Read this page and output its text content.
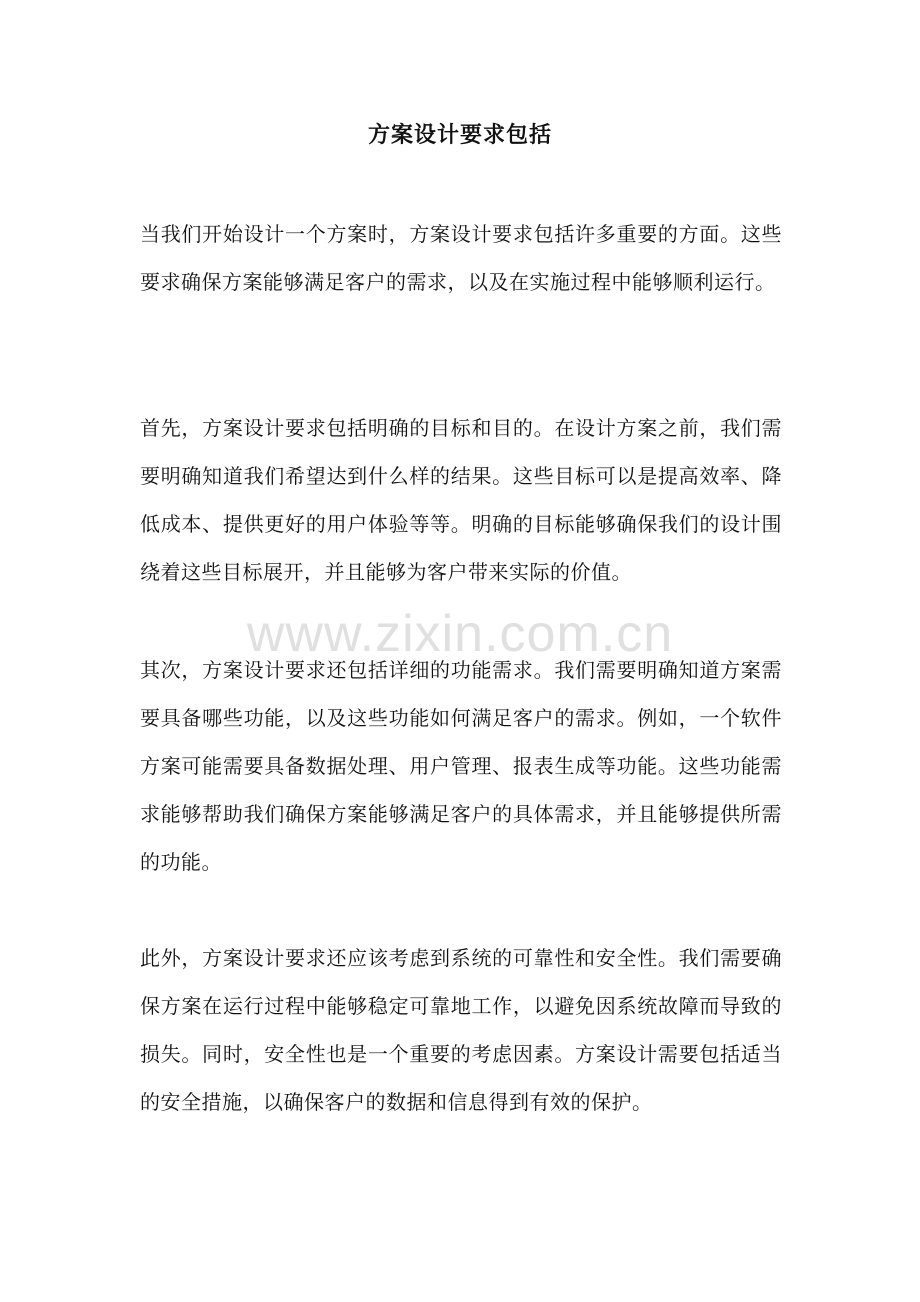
www.zixin.com.cn
方案设计要求包括

当我们开始设计一个方案时，方案设计要求包括许多重要的方面。这些要求确保方案能够满足客户的需求，以及在实施过程中能够顺利运行。

首先，方案设计要求包括明确的目标和目的。在设计方案之前，我们需要明确知道我们希望达到什么样的结果。这些目标可以是提高效率、降低成本、提供更好的用户体验等等。明确的目标能够确保我们的设计围绕着这些目标展开，并且能够为客户带来实际的价值。

其次，方案设计要求还包括详细的功能需求。我们需要明确知道方案需要具备哪些功能，以及这些功能如何满足客户的需求。例如，一个软件方案可能需要具备数据处理、用户管理、报表生成等功能。这些功能需求能够帮助我们确保方案能够满足客户的具体需求，并且能够提供所需的功能。

此外，方案设计要求还应该考虑到系统的可靠性和安全性。我们需要确保方案在运行过程中能够稳定可靠地工作，以避免因系统故障而导致的损失。同时，安全性也是一个重要的考虑因素。方案设计需要包括适当的安全措施，以确保客户的数据和信息得到有效的保护。
